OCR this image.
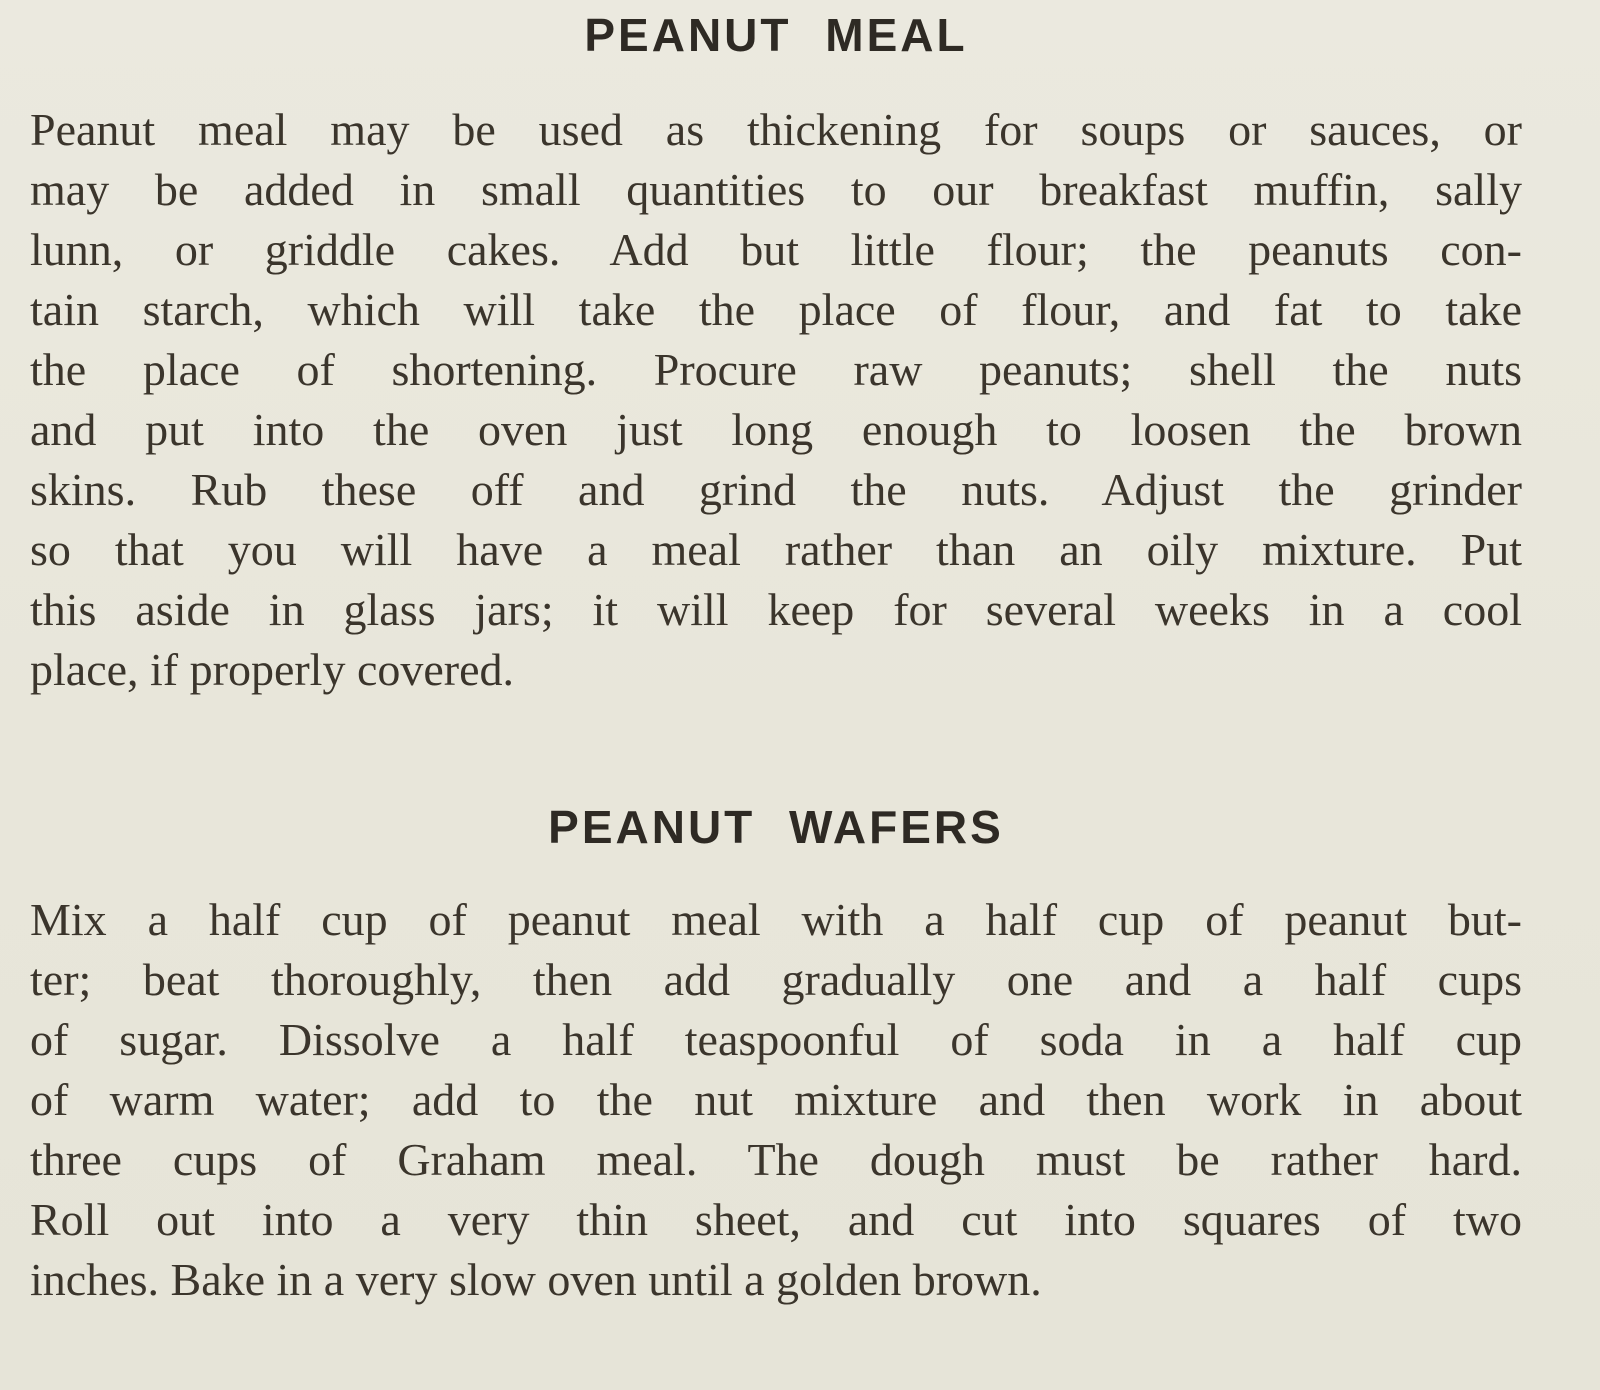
PEANUT MEAL

Peanut meal may be used as thickening for soups or sauces, or
may be added in small quantities to our breakfast muffin, sally
lunn, or griddle cakes. Add but little flour; the peanuts con-
tain starch, which will take the place of flour, and fat to take
the place of shortening. Procure raw peanuts; shell the nuts
and put into the oven just long enough to loosen the brown
skins. Rub these off and grind the nuts. Adjust the grinder
so that you will have a meal rather than an oily mixture. Put
this aside in glass jars; it will keep for several weeks in a cool
place, if properly covered.

PEANUT WAFERS

Mix a half cup of peanut meal with a half cup of peanut but-
ter; beat thoroughly, then add gradually one and a half cups
of sugar. Dissolve a half teaspoonful of soda in a half cup
of warm water; add to the nut mixture and then work in about
three cups of Graham meal. The dough must be rather hard.
Roll out into a very thin sheet, and cut into squares of two
inches. Bake in a very slow oven until a golden brown.
